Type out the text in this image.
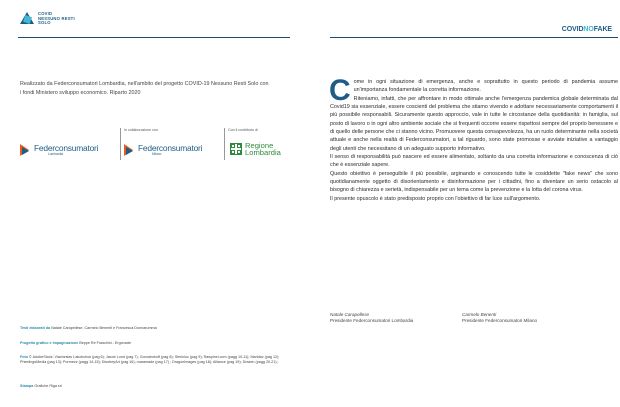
COVID
NESSUNO RESTI
SOLO
Realizzato da Federconsumatori Lombardia, nell'ambito del progetto COVID-19 Nessuno Resti Solo con i fondi Ministero sviluppo economico. Riparto 2020
Federconsumatori
Lombardia
In collaborazione con
Federconsumatori
Milano
Con il contributo di
Regione
Lombardia
Testi elaborati da Natale Carapellese, Carmelo Benenti e Francesca Donnarumma
Progetto grafico e impaginazione Beppe Re Fraschini - Ergonarte
Foto © AdobeStock: Viacheslav Lakobchuk (pag 6); Jacob Lund (pag 7); Gorodenkoff (pag 8); Strelciuc (pag 9); Rawpixel.com (pagg 10-11); Maridav (pag 12); PheelingsMedia (pag 13); Pormezz (pagg 14-15); DisobeyArt (pag 16); maramade (pag 17) ; DragonImages (pag 18); Alliance (pag 19); Drazen (pagg 20-21);
Stampa Grafiche Riga srl
COVIDNOFAKE

Come in ogni situazione di emergenza, anche e soprattutto in questo periodo di pandemia assume un'importanza fondamentale la corretta informazione.

Riteniamo, infatti, che per affrontare in modo ottimale anche l'emergenza pandemica globale determinata dal Covid19 sia essenziale, essere coscienti del problema che stiamo vivendo e adottare necessariamente comportamenti il più possibile responsabili. Sicuramente questo approccio, vale in tutte le circostanze della quotidianità: in famiglia, sul posto di lavoro o in ogni altro ambiente sociale che si frequenti occorre essere rispettosi sempre del proprio benessere e di quello delle persone che ci stanno vicino. Promuovere questa consapevolezza, ha un ruolo determinante nella società attuale e anche nella realtà di Federconsumatori, a tal riguardo, sono state promosse e avviate iniziative a vantaggio degli utenti che necessitano di un adeguato supporto informativo.

Il senso di responsabilità può nascere ed essere alimentato, soltanto da una corretta informazione e conoscenza di ciò che è essenziale sapere.

Questo obiettivo è perseguibile il più possibile, arginando e conoscendo tutte le cosiddette "fake news" che sono quotidianamente oggetto di disorientamento e disinformazione per i cittadini, fino a diventare un serio ostacolo al bisogno di chiarezza e serietà, indispensabile per un tema come la prevenzione e la lotta del corona virus.

Il presente opuscolo è stato predisposto proprio con l'obiettivo di far luce sull'argomento.

Natale Carapellese
Presidente Federconsumatori Lombardia
Carmelo Benenti
Presidente Federconsumatori Milano
